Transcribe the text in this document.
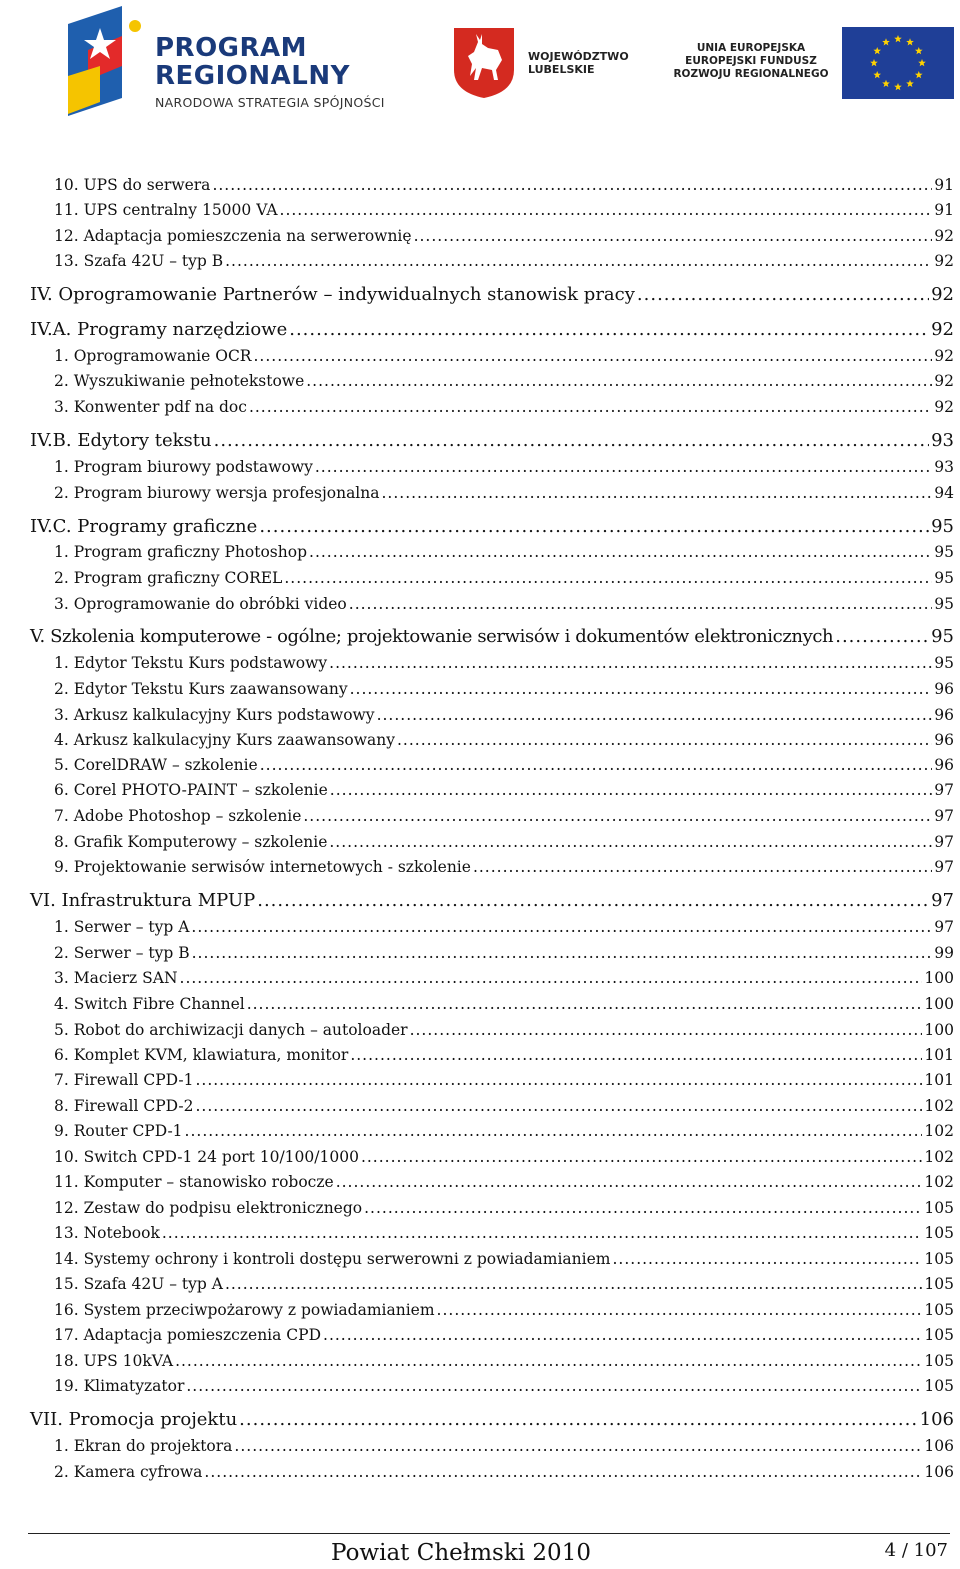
PROGRAM
REGIONALNY
NARODOWA STRATEGIA SPÓJNOŚCI
WOJEWÓDZTWO
LUBELSKIE
UNIA EUROPEJSKA
EUROPEJSKI FUNDUSZ
ROZWOJU REGIONALNEGO
10. UPS do serwera .....	91
11. UPS centralny 15000 VA .....	91
12. Adaptacja pomieszczenia na serwerownię .....	92
13. Szafa 42U – typ B .....	92
IV. Oprogramowanie Partnerów – indywidualnych stanowisk pracy .....	92
IV.A. Programy narzędziowe .....	92
1. Oprogramowanie OCR .....	92
2. Wyszukiwanie pełnotekstowe .....	92
3. Konwenter pdf na doc .....	92
IV.B. Edytory tekstu .....	93
1. Program biurowy podstawowy .....	93
2. Program biurowy wersja profesjonalna .....	94
IV.C. Programy graficzne .....	95
1. Program graficzny Photoshop .....	95
2. Program graficzny COREL .....	95
3. Oprogramowanie do obróbki video .....	95
V. Szkolenia komputerowe - ogólne; projektowanie serwisów i dokumentów elektronicznych .....	95
1. Edytor Tekstu Kurs podstawowy .....	95
2. Edytor Tekstu Kurs zaawansowany .....	96
3. Arkusz kalkulacyjny Kurs podstawowy .....	96
4. Arkusz kalkulacyjny Kurs zaawansowany .....	96
5. CorelDRAW – szkolenie .....	96
6. Corel PHOTO-PAINT – szkolenie .....	97
7. Adobe Photoshop – szkolenie .....	97
8. Grafik Komputerowy – szkolenie .....	97
9. Projektowanie serwisów internetowych - szkolenie .....	97
VI. Infrastruktura MPUP .....	97
1. Serwer – typ A .....	97
2. Serwer – typ B .....	99
3. Macierz SAN .....	100
4. Switch Fibre Channel .....	100
5. Robot do archiwizacji danych – autoloader .....	100
6. Komplet KVM, klawiatura, monitor .....	101
7. Firewall CPD-1 .....	101
8. Firewall CPD-2 .....	102
9. Router CPD-1 .....	102
10. Switch CPD-1 24 port 10/100/1000 .....	102
11. Komputer – stanowisko robocze .....	102
12. Zestaw do podpisu elektronicznego .....	105
13. Notebook .....	105
14. Systemy ochrony i kontroli dostępu serwerowni z powiadamianiem .....	105
15. Szafa 42U – typ A .....	105
16. System przeciwpożarowy z powiadamianiem .....	105
17. Adaptacja pomieszczenia CPD .....	105
18. UPS 10kVA .....	105
19. Klimatyzator .....	105
VII. Promocja projektu .....	106
1. Ekran do projektora .....	106
2. Kamera cyfrowa .....	106
Powiat Chełmski 2010	4 / 107
